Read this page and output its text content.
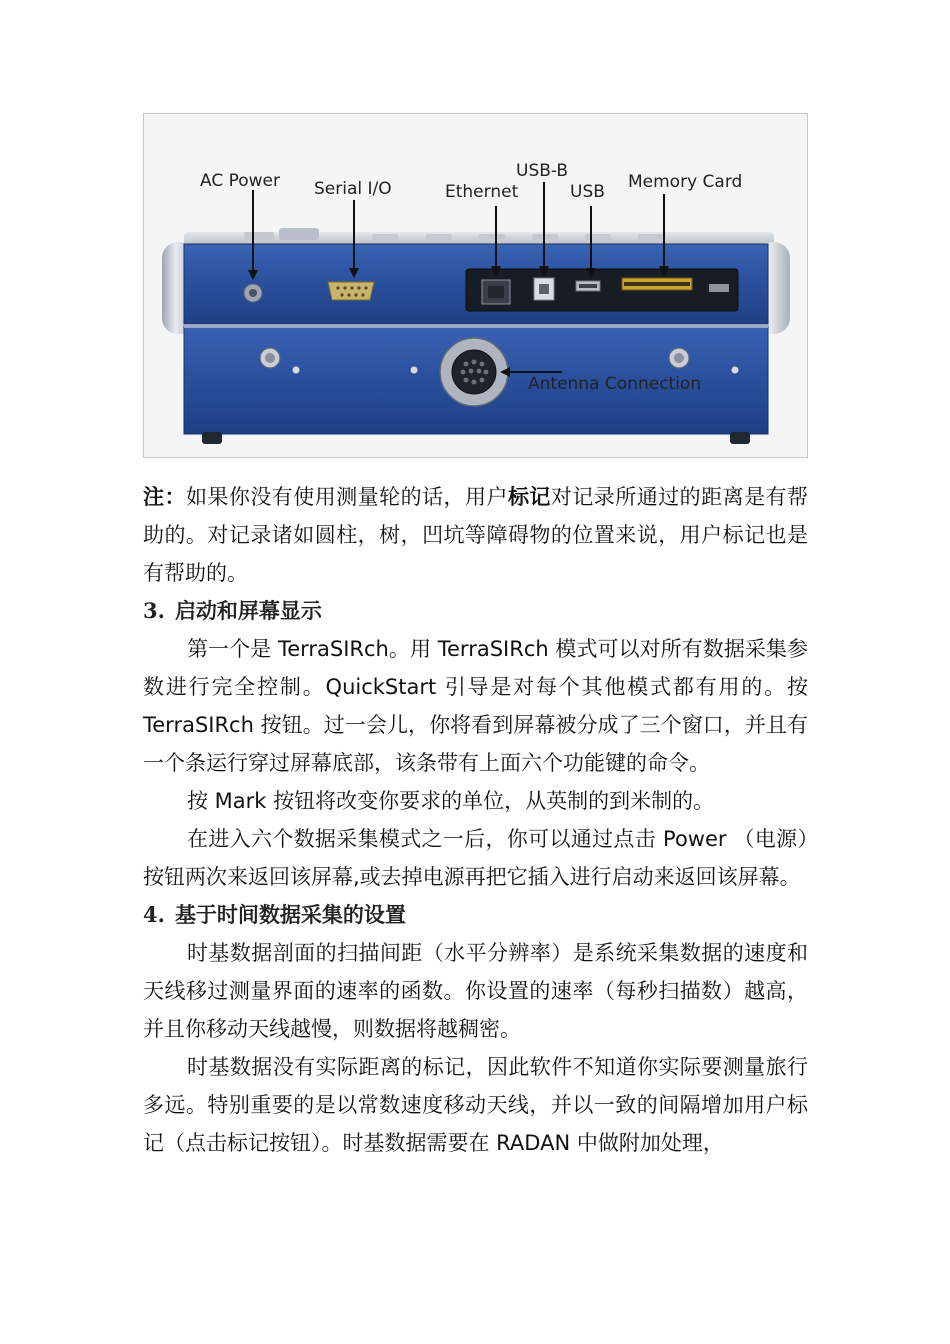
AC Power Serial I/O	Ethernet
USB-B
USB Memory Card
Antenna Connection

注：如果你没有使用测量轮的话，用户标记对记录所通过的距离是有帮助的。对记录诸如圆柱，树，凹坑等障碍物的位置来说，用户标记也是有帮助的。

3. 启动和屏幕显示

第一个是 TerraSIRch。用 TerraSIRch 模式可以对所有数据采集参数进行完全控制。QuickStart 引导是对每个其他模式都有用的。按 TerraSIRch 按钮。过一会儿，你将看到屏幕被分成了三个窗口，并且有一个条运行穿过屏幕底部，该条带有上面六个功能键的命令。

按 Mark 按钮将改变你要求的单位，从英制的到米制的。

在进入六个数据采集模式之一后，你可以通过点击 Power （电源）按钮两次来返回该屏幕,或去掉电源再把它插入进行启动来返回该屏幕。

4. 基于时间数据采集的设置

时基数据剖面的扫描间距（水平分辨率）是系统采集数据的速度和天线移过测量界面的速率的函数。你设置的速率（每秒扫描数）越高，并且你移动天线越慢，则数据将越稠密。

时基数据没有实际距离的标记，因此软件不知道你实际要测量旅行多远。特别重要的是以常数速度移动天线，并以一致的间隔增加用户标记（点击标记按钮）。时基数据需要在 RADAN 中做附加处理，
